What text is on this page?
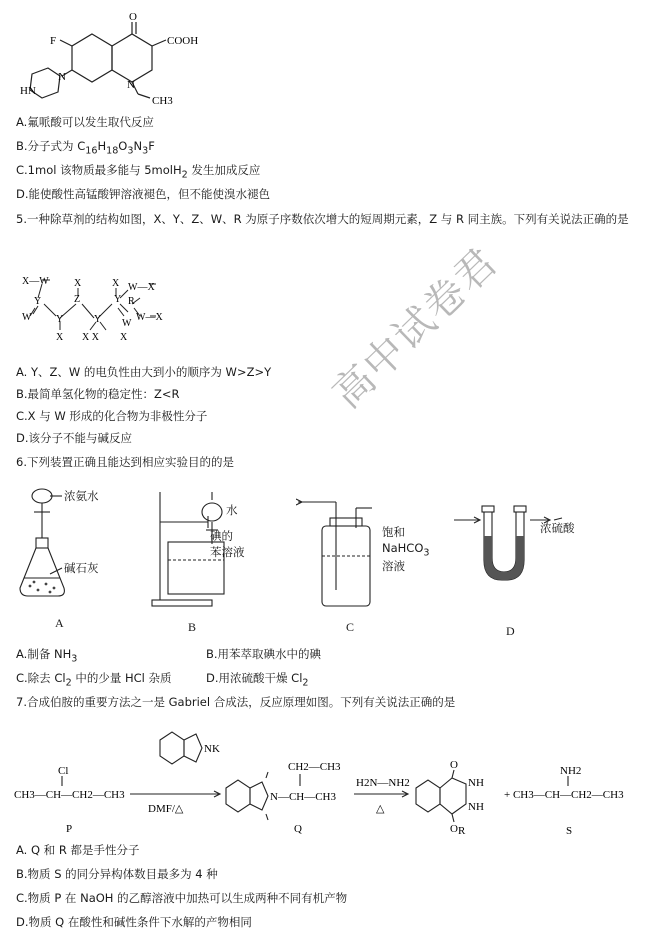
F
O
COOH
N
N
HN
CH3
A.氟哌酸可以发生取代反应
B.分子式为 $C_{16}H_{18}O_3N_3F$
C.1mol 该物质最多能与 5molH$_2$ 发生加成反应
D.能使酸性高锰酸钾溶液褪色，但不能使溴水褪色
5.一种除草剂的结构如图，X、Y、Z、W、R 为原子序数依次增大的短周期元素，Z 与 R 同主族。下列有关说法正确的是
X—W
Y
W Y
X
X
Z
Y
X X
X
Y R
W—X
W—X
W
X
A. Y、Z、W 的电负性由大到小的顺序为 W>Z>Y
B.最简单氢化物的稳定性：Z<R
C.X 与 W 形成的化合物为非极性分子
D.该分子不能与碱反应
高中试卷君
6.下列装置正确且能达到相应实验目的的是
浓氨水
碱石灰
水
碘的
苯溶液
饱和
NaHCO$_3$
溶液
浓硫酸
A	B	C	D
A.制备 $NH_3$	B.用苯萃取碘水中的碘
C.除去 $Cl_2$ 中的少量 HCl 杂质	D.用浓硫酸干燥 $Cl_2$
7.合成伯胺的重要方法之一是 Gabriel 合成法，反应原理如图。下列有关说法正确的是
Cl
CH3—CH—CH2—CH3
NK
DMF/△
CH2—CH3
N—CH—CH3
H2N—NH2
△
NH
NH
O
O
NH2
+ CH3—CH—CH2—CH3
P	Q	R	S
A. Q 和 R 都是手性分子
B.物质 S 的同分异构体数目最多为 4 种
C.物质 P 在 NaOH 的乙醇溶液中加热可以生成两种不同有机产物
D.物质 Q 在酸性和碱性条件下水解的产物相同
